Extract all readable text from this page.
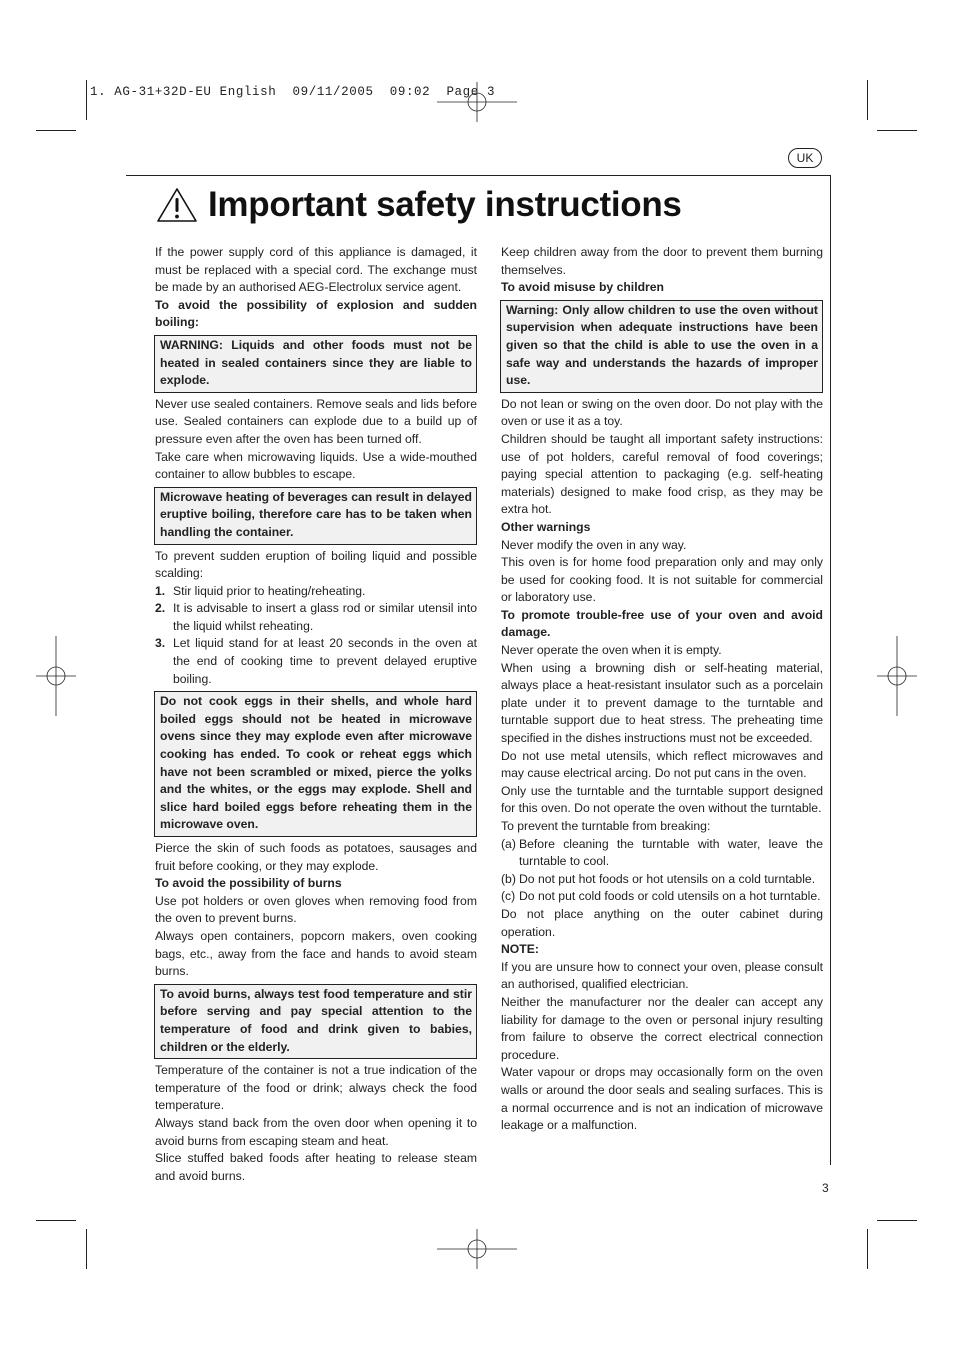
1. AG-31+32D-EU English  09/11/2005  09:02  Page 3
UK
Important safety instructions

If the power supply cord of this appliance is damaged, it must be replaced with a special cord. The exchange must be made by an authorised AEG-Electrolux service agent.

To avoid the possibility of explosion and sudden boiling:

WARNING: Liquids and other foods must not be heated in sealed containers since they are liable to explode.

Never use sealed containers. Remove seals and lids before use. Sealed containers can explode due to a build up of pressure even after the oven has been turned off.

Take care when microwaving liquids. Use a wide-mouthed container to allow bubbles to escape.

Microwave heating of beverages can result in delayed eruptive boiling, therefore care has to be taken when handling the container.

To prevent sudden eruption of boiling liquid and possible scalding:

1. Stir liquid prior to heating/reheating.
2. It is advisable to insert a glass rod or similar utensil into the liquid whilst reheating.
3. Let liquid stand for at least 20 seconds in the oven at the end of cooking time to prevent delayed eruptive boiling.
Do not cook eggs in their shells, and whole hard boiled eggs should not be heated in microwave ovens since they may explode even after microwave cooking has ended. To cook or reheat eggs which have not been scrambled or mixed, pierce the yolks and the whites, or the eggs may explode. Shell and slice hard boiled eggs before reheating them in the microwave oven.

Pierce the skin of such foods as potatoes, sausages and fruit before cooking, or they may explode.

To avoid the possibility of burns

Use pot holders or oven gloves when removing food from the oven to prevent burns.

Always open containers, popcorn makers, oven cooking bags, etc., away from the face and hands to avoid steam burns.

To avoid burns, always test food temperature and stir before serving and pay special attention to the temperature of food and drink given to babies, children or the elderly.

Temperature of the container is not a true indication of the temperature of the food or drink; always check the food temperature.

Always stand back from the oven door when opening it to avoid burns from escaping steam and heat.

Slice stuffed baked foods after heating to release steam and avoid burns.

Keep children away from the door to prevent them burning themselves.

To avoid misuse by children

Warning: Only allow children to use the oven without supervision when adequate instructions have been given so that the child is able to use the oven in a safe way and understands the hazards of improper use.

Do not lean or swing on the oven door. Do not play with the oven or use it as a toy.

Children should be taught all important safety instructions: use of pot holders, careful removal of food coverings; paying special attention to packaging (e.g. self-heating materials) designed to make food crisp, as they may be extra hot.

Other warnings

Never modify the oven in any way.

This oven is for home food preparation only and may only be used for cooking food. It is not suitable for commercial or laboratory use.

To promote trouble-free use of your oven and avoid damage.

Never operate the oven when it is empty.

When using a browning dish or self-heating material, always place a heat-resistant insulator such as a porcelain plate under it to prevent damage to the turntable and turntable support due to heat stress. The preheating time specified in the dishes instructions must not be exceeded.

Do not use metal utensils, which reflect microwaves and may cause electrical arcing. Do not put cans in the oven.

Only use the turntable and the turntable support designed for this oven. Do not operate the oven without the turntable.

To prevent the turntable from breaking:

(a) Before cleaning the turntable with water, leave the turntable to cool.
(b) Do not put hot foods or hot utensils on a cold turntable.
(c) Do not put cold foods or cold utensils on a hot turntable.

Do not place anything on the outer cabinet during operation.

NOTE:

If you are unsure how to connect your oven, please consult an authorised, qualified electrician.

Neither the manufacturer nor the dealer can accept any liability for damage to the oven or personal injury resulting from failure to observe the correct electrical connection procedure.

Water vapour or drops may occasionally form on the oven walls or around the door seals and sealing surfaces. This is a normal occurrence and is not an indication of microwave leakage or a malfunction.

3
